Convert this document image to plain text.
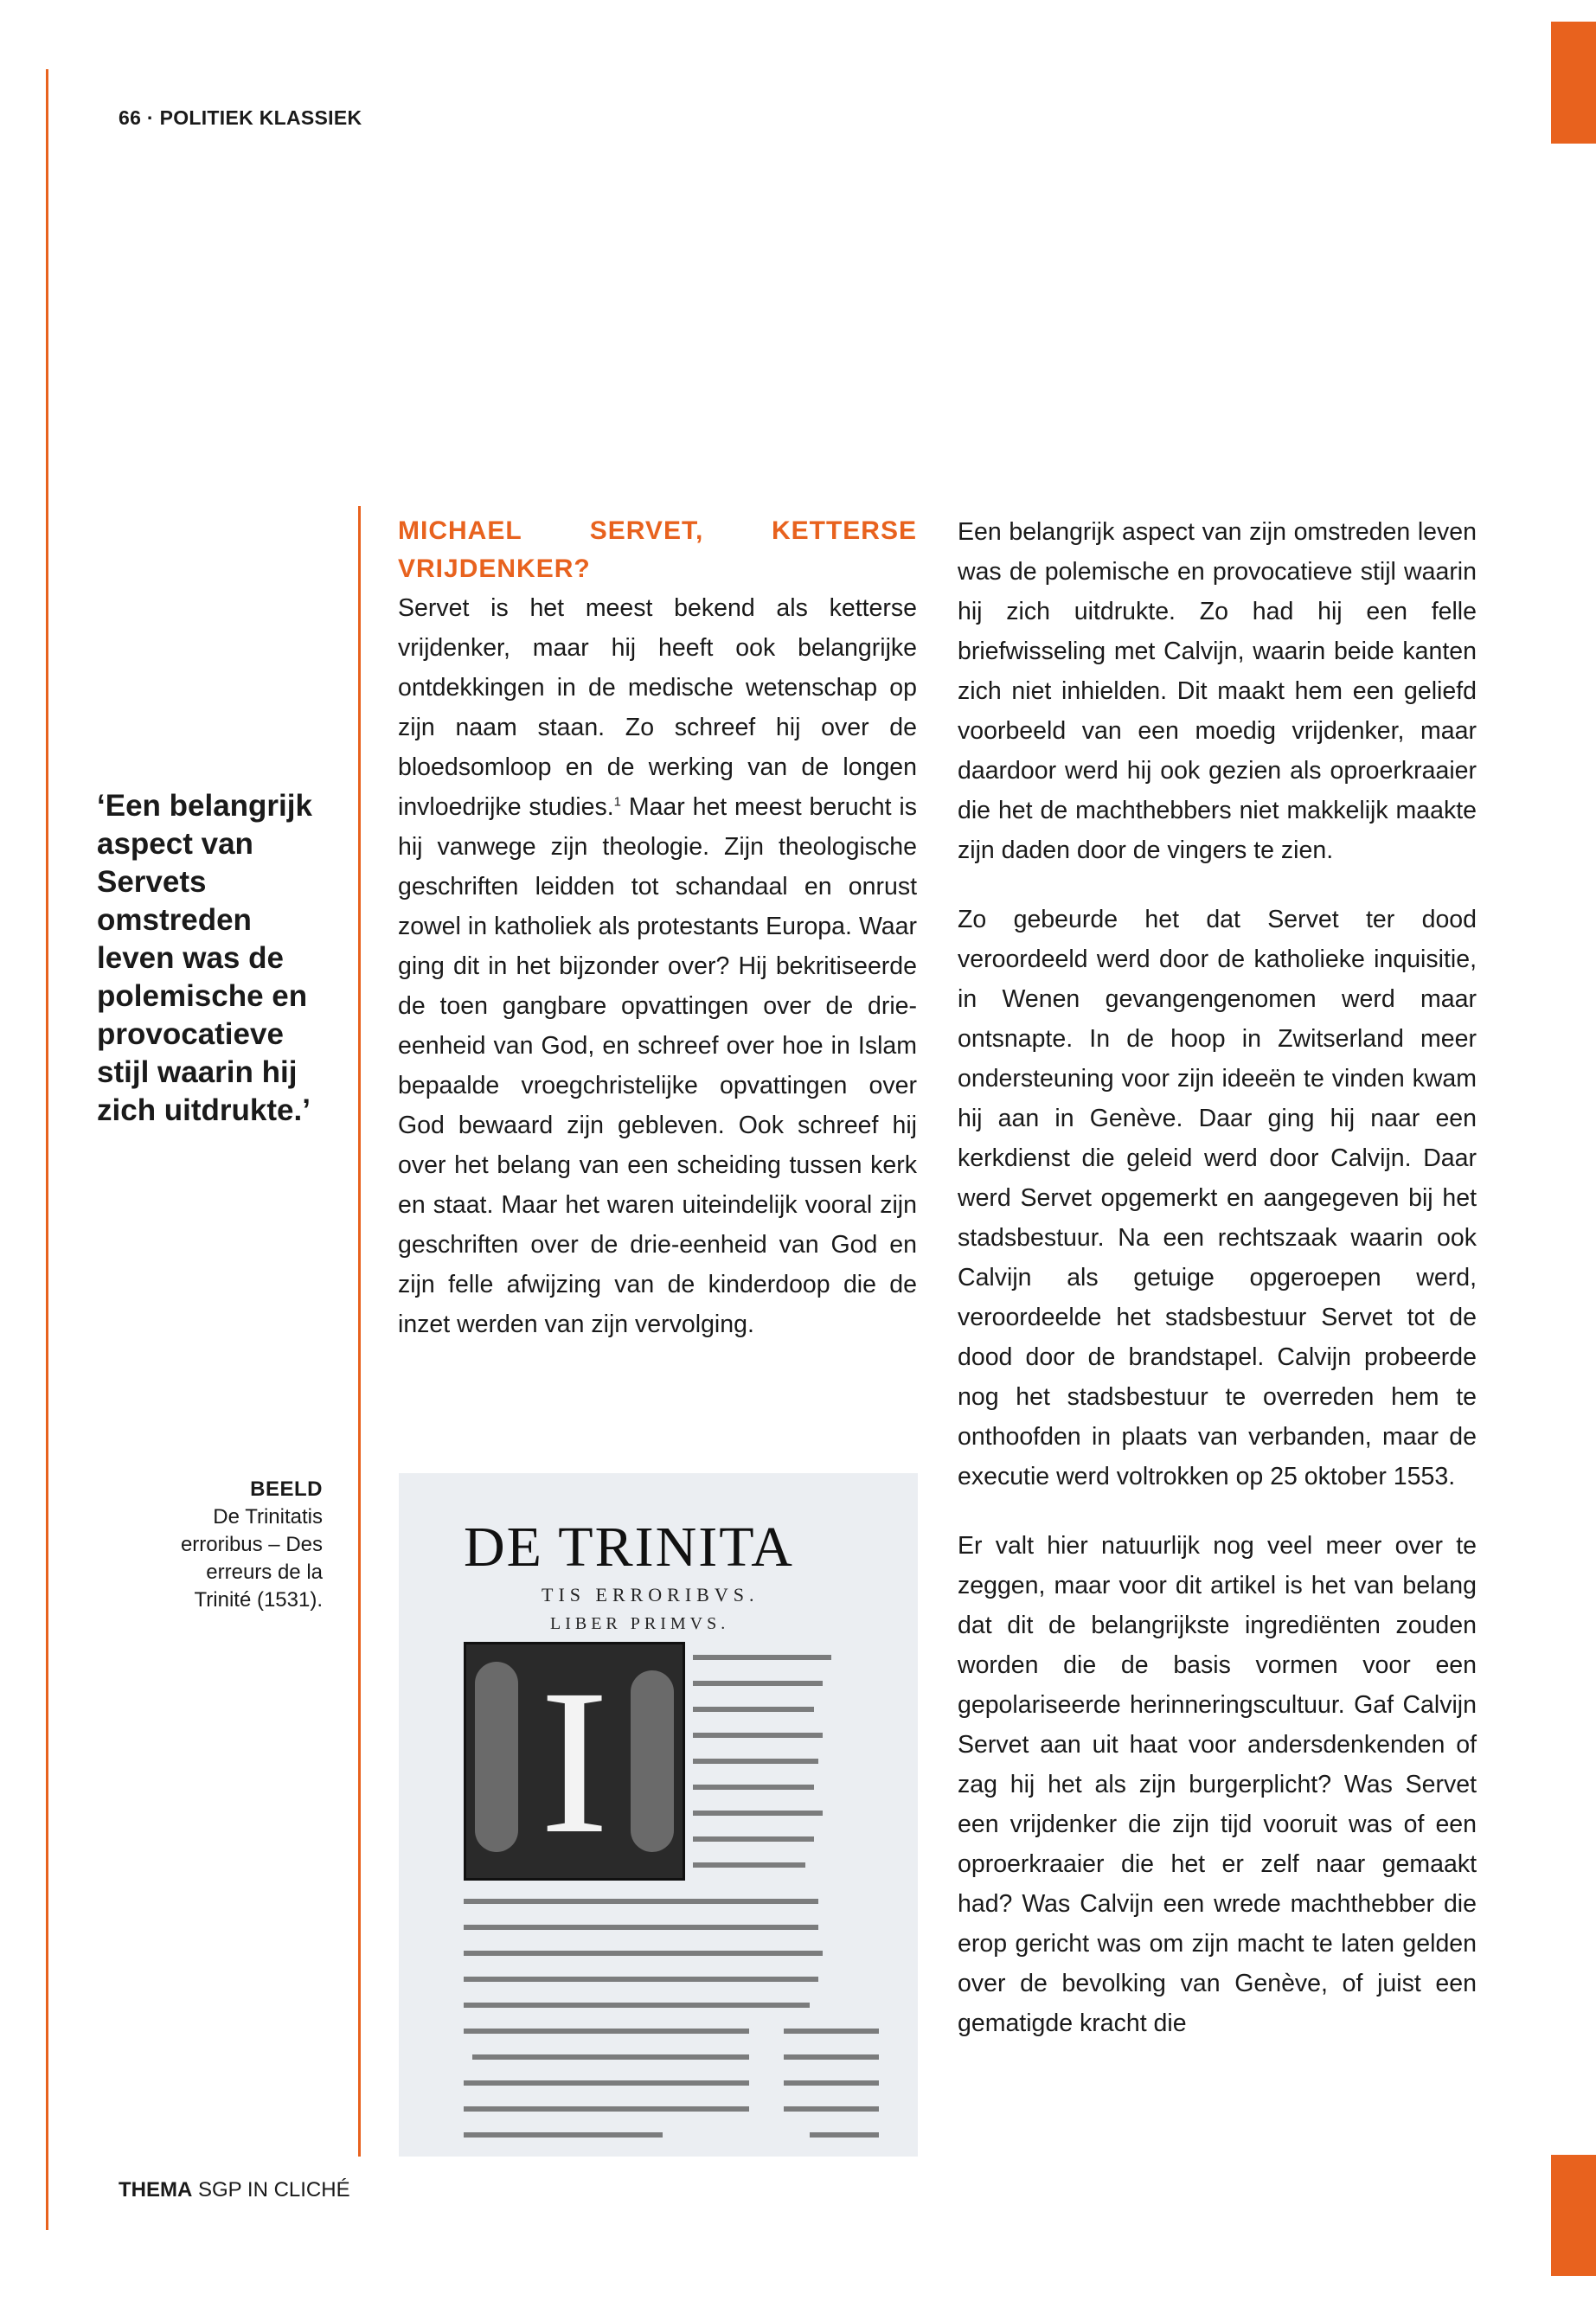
66 · POLITIEK KLASSIEK
‘Een belangrijk aspect van Servets omstreden leven was de polemische en provocatieve stijl waarin hij zich uitdrukte.’
BEELD
De Trinitatis erroribus – Des erreurs de la Trinité (1531).
MICHAEL SERVET, KETTERSE VRIJDENKER?

Servet is het meest bekend als ketterse vrijdenker, maar hij heeft ook belangrijke ontdekkingen in de medische wetenschap op zijn naam staan. Zo schreef hij over de bloedsomloop en de werking van de longen invloedrijke studies.$^1$ Maar het meest berucht is hij vanwege zijn theologie. Zijn theologische geschriften leidden tot schandaal en onrust zowel in katholiek als protestants Europa. Waar ging dit in het bijzonder over? Hij bekritiseerde de toen gangbare opvattingen over de drie-eenheid van God, en schreef over hoe in Islam bepaalde vroegchristelijke opvattingen over God bewaard zijn gebleven. Ook schreef hij over het belang van een scheiding tussen kerk en staat. Maar het waren uiteindelijk vooral zijn geschriften over de drie-eenheid van God en zijn felle afwijzing van de kinderdoop die de inzet werden van zijn vervolging.

Een belangrijk aspect van zijn omstreden leven was de polemische en provocatieve stijl waarin hij zich uitdrukte. Zo had hij een felle briefwisseling met Calvijn, waarin beide kanten zich niet inhielden. Dit maakt hem een geliefd voorbeeld van een moedig vrijdenker, maar daardoor werd hij ook gezien als oproerkraaier die het de machthebbers niet makkelijk maakte zijn daden door de vingers te zien.

Zo gebeurde het dat Servet ter dood veroordeeld werd door de katholieke inquisitie, in Wenen gevangengenomen werd maar ontsnapte. In de hoop in Zwitserland meer ondersteuning voor zijn ideeën te vinden kwam hij aan in Genève. Daar ging hij naar een kerkdienst die geleid werd door Calvijn. Daar werd Servet opgemerkt en aangegeven bij het stadsbestuur. Na een rechtszaak waarin ook Calvijn als getuige opgeroepen werd, veroordeelde het stadsbestuur Servet tot de dood door de brandstapel. Calvijn probeerde nog het stadsbestuur te overreden hem te onthoofden in plaats van verbanden, maar de executie werd voltrokken op 25 oktober 1553.

Er valt hier natuurlijk nog veel meer over te zeggen, maar voor dit artikel is het van belang dat dit de belangrijkste ingrediënten zouden worden die de basis vormen voor een gepolariseerde herinneringscultuur. Gaf Calvijn Servet aan uit haat voor andersdenkenden of zag hij het als zijn burgerplicht? Was Servet een vrijdenker die zijn tijd vooruit was of een oproerkraaier die het er zelf naar gemaakt had? Was Calvijn een wrede machthebber die erop gericht was om zijn macht te laten gelden over de bevolking van Genève, of juist een gematigde kracht die

DE TRINITA
TIS ERRORIBVS.
LIBER PRIMVS.
I
THEMA SGP IN CLICHÉ
